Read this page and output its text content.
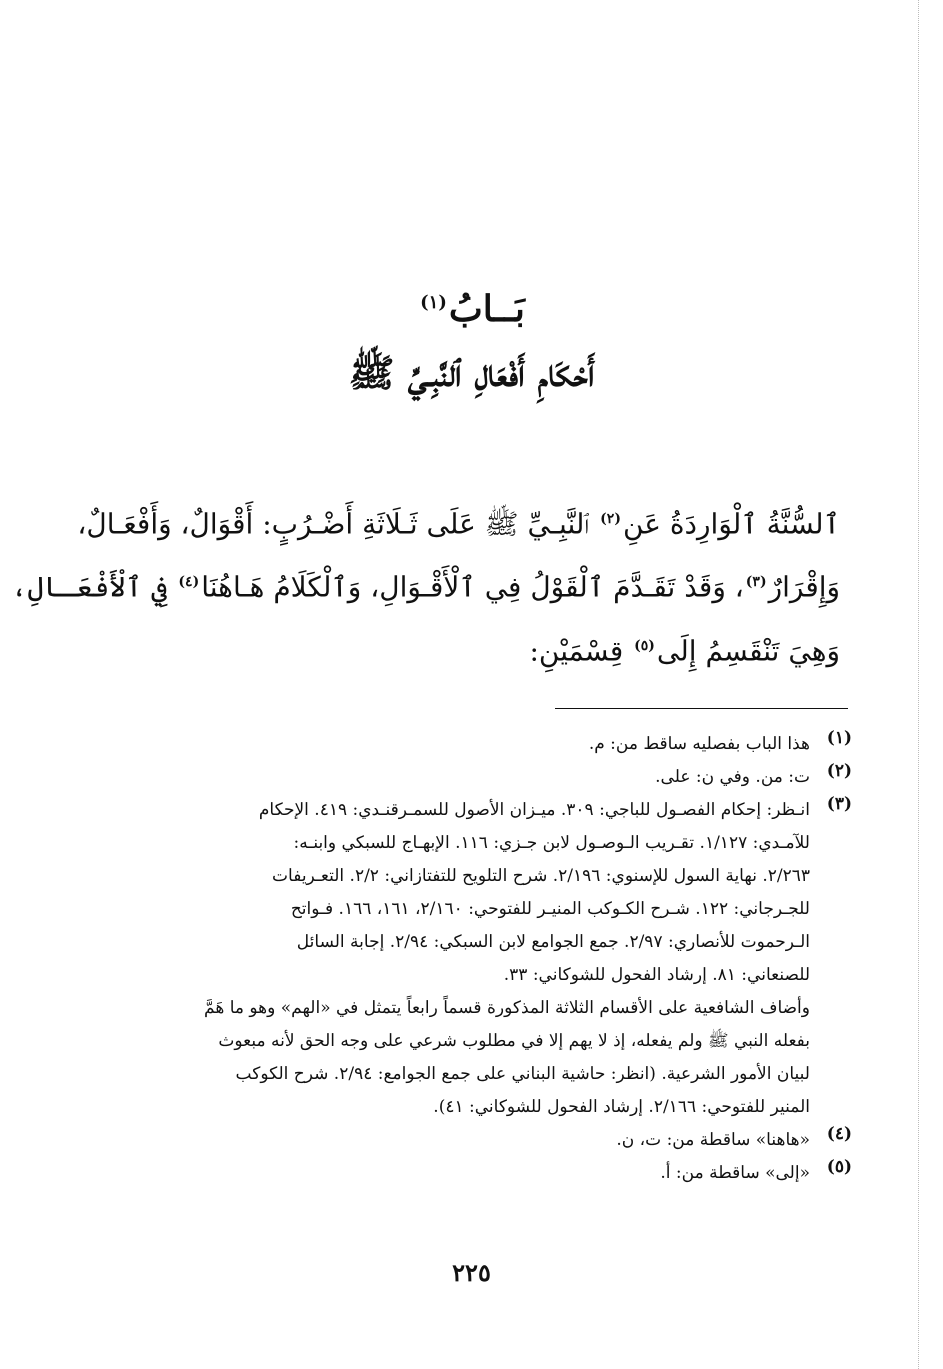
بَــابُ$^{(١)}$
أَحْكَامِ أَفْعَالِ ٱلنَّبِـيِّ ﷺ
ٱلسُّنَّةُ ٱلْوَارِدَةُ عَنِ$^{(٢)}$ ٱلنَّبِـيِّ ﷺ عَلَى ثَـلَاثَةِ أَضْـرُبٍ: أَقْوَالٌ، وَأَفْعَـالٌ،
وَإِقْرَارٌ$^{(٣)}$، وَقَدْ تَقَـدَّمَ ٱلْقَوْلُ فِي ٱلْأَقْـوَالِ، وَٱلْكَلَامُ هَـاهُنَا$^{(٤)}$ فِي ٱلْأَفْعَـالِ،
وَهِيَ تَنْقَسِمُ إِلَى$^{(٥)}$ قِسْمَيْنِ:
(١)
هذا الباب بفصليه ساقط من: م.
(٢)
ت: من. وفي ن: على.
(٣)
انـظر: إحكام الفصـول للباجي: ٣٠٩. ميـزان الأصول للسمـرقنـدي: ٤١٩. الإحكام
للآمـدي: ١/١٢٧. تقـريب الـوصـول لابن جـزي: ١١٦. الإبهـاج للسبكي وابنـه:
٢/٢٦٣. نهاية السول للإسنوي: ٢/١٩٦. شرح التلويح للتفتازاني: ٢/٢. التعـريفات
للجـرجاني: ١٢٢. شـرح الكـوكب المنيـر للفتوحي: ٢/١٦٠، ١٦١، ١٦٦. فـواتح
الـرحموت للأنصاري: ٢/٩٧. جمع الجوامع لابن السبكي: ٢/٩٤. إجابة السائل
للصنعاني: ٨١. إرشاد الفحول للشوكاني: ٣٣.
وأضاف الشافعية على الأقسام الثلاثة المذكورة قسماً رابعاً يتمثل في «الهم» وهو ما هَمَّ
بفعله النبي ﷺ ولم يفعله، إذ لا يهم إلا في مطلوب شرعي على وجه الحق لأنه مبعوث
لبيان الأمور الشرعية. (انظر: حاشية البناني على جمع الجوامع: ٢/٩٤. شرح الكوكب
المنير للفتوحي: ٢/١٦٦. إرشاد الفحول للشوكاني: ٤١).
(٤)
«هاهنا» ساقطة من: ت، ن.
(٥)
«إلى» ساقطة من: أ.
٢٢٥
